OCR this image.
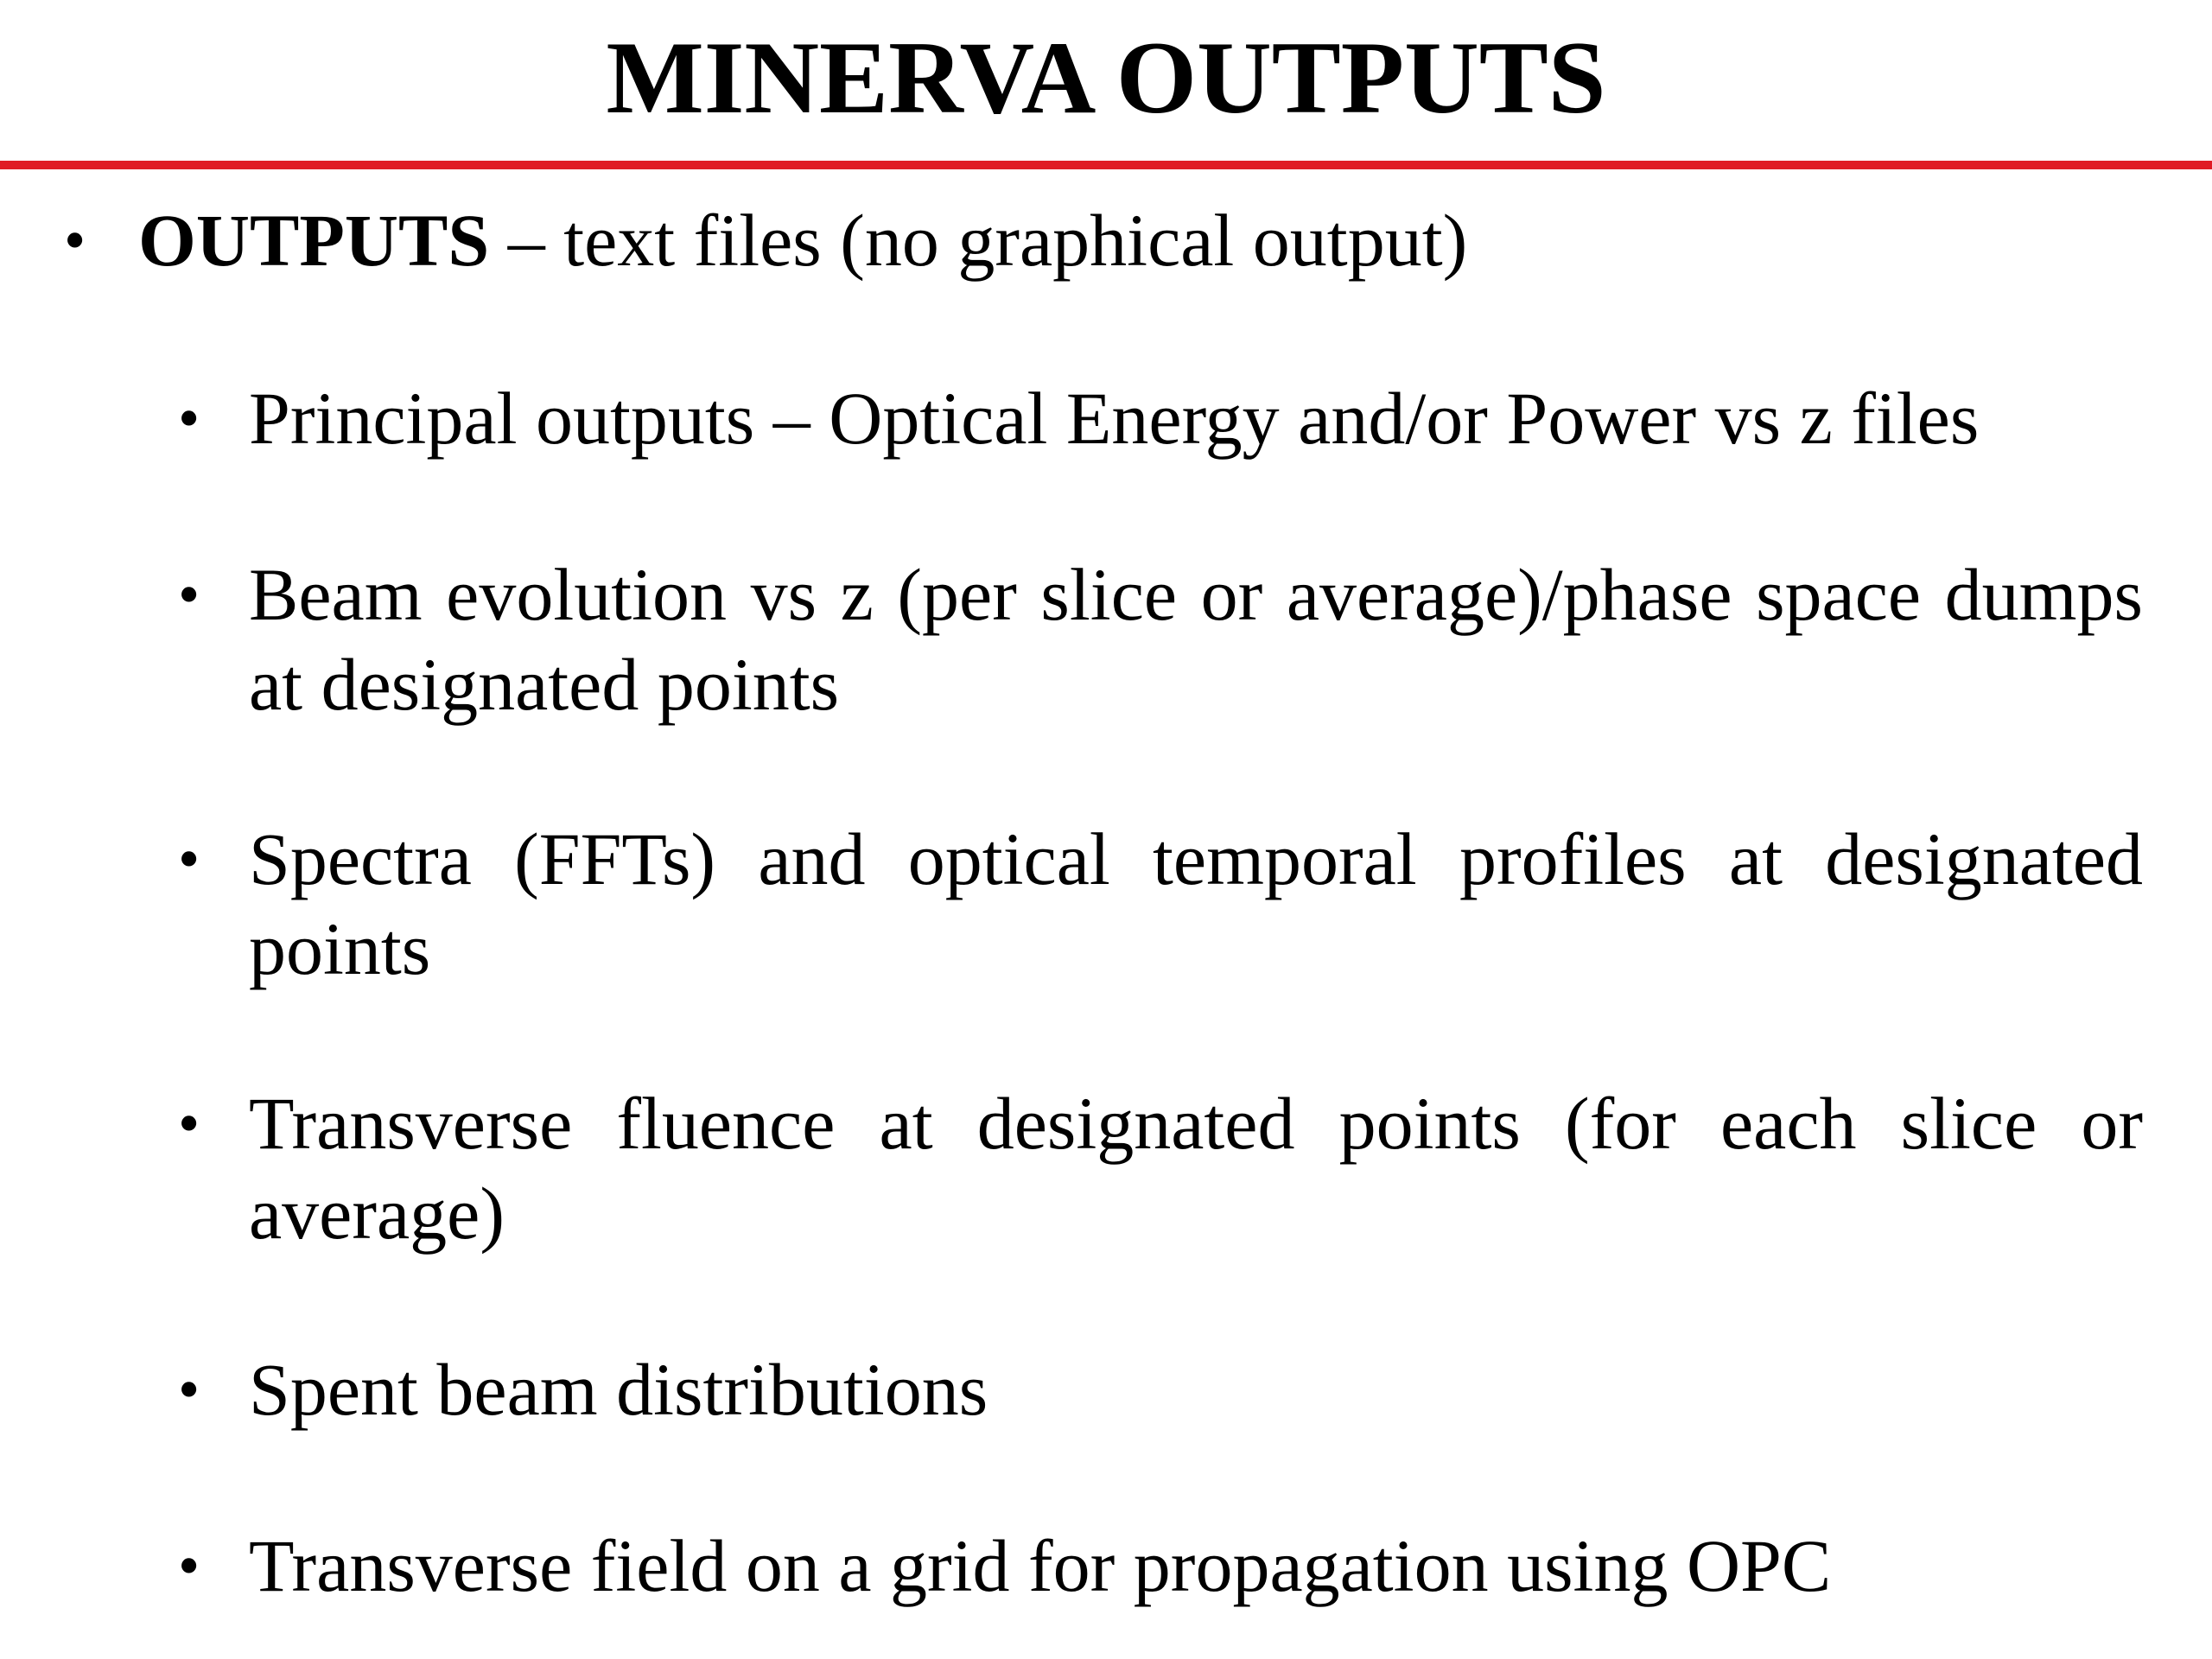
MINERVA OUTPUTS
• OUTPUTS – text files (no graphical output)
• Principal outputs – Optical Energy and/or Power vs z files
• Beam evolution vs z (per slice or average)/phase space dumps at designated points
• Spectra (FFTs) and optical temporal profiles at designated points
• Transverse fluence at designated points (for each slice or average)
• Spent beam distributions
• Transverse field on a grid for propagation using OPC
